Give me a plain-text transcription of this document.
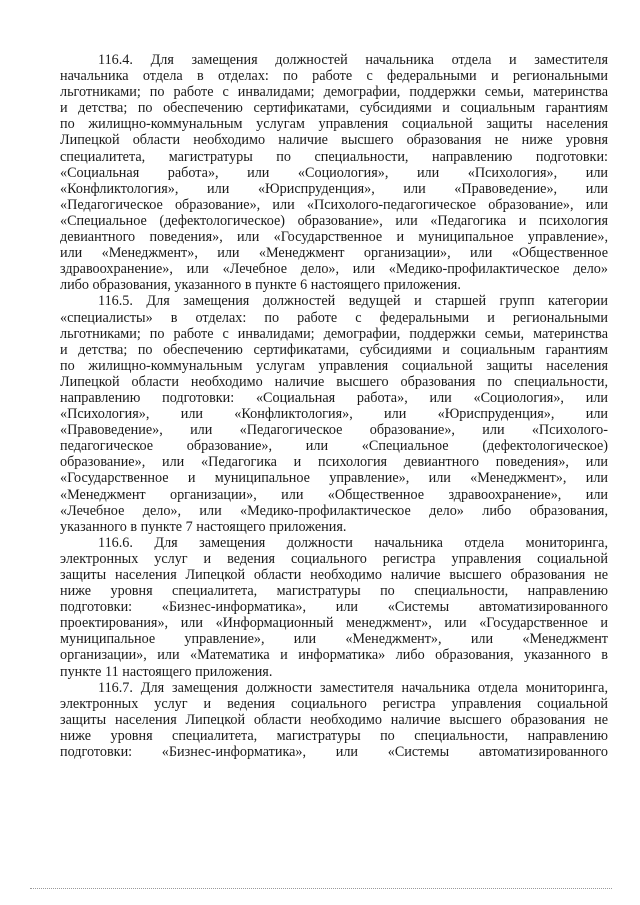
116.4. Для замещения должностей начальника отдела и заместителя
начальника отдела в отделах: по работе с федеральными и региональными
льготниками; по работе с инвалидами; демографии, поддержки семьи, материнства
и детства; по обеспечению сертификатами, субсидиями и социальным гарантиям
по жилищно-коммунальным услугам управления социальной защиты населения
Липецкой области необходимо наличие высшего образования не ниже уровня
специалитета, магистратуры по специальности, направлению подготовки:
«Социальная работа», или «Социология», или «Психология», или
«Конфликтология», или «Юриспруденция», или «Правоведение», или
«Педагогическое образование», или «Психолого-педагогическое образование», или
«Специальное (дефектологическое) образование», или «Педагогика и психология
девиантного поведения», или «Государственное и муниципальное управление»,
или «Менеджмент», или «Менеджмент организации», или «Общественное
здравоохранение», или «Лечебное дело», или «Медико-профилактическое дело»
либо образования, указанного в пункте 6 настоящего приложения.
116.5. Для замещения должностей ведущей и старшей групп категории
«специалисты» в отделах: по работе с федеральными и региональными
льготниками; по работе с инвалидами; демографии, поддержки семьи, материнства
и детства; по обеспечению сертификатами, субсидиями и социальным гарантиям
по жилищно-коммунальным услугам управления социальной защиты населения
Липецкой области необходимо наличие высшего образования по специальности,
направлению подготовки: «Социальная работа», или «Социология», или
«Психология», или «Конфликтология», или «Юриспруденция», или
«Правоведение», или «Педагогическое образование», или «Психолого-
педагогическое образование», или «Специальное (дефектологическое)
образование», или «Педагогика и психология девиантного поведения», или
«Государственное и муниципальное управление», или «Менеджмент», или
«Менеджмент организации», или «Общественное здравоохранение», или
«Лечебное дело», или «Медико-профилактическое дело» либо образования,
указанного в пункте 7 настоящего приложения.
116.6. Для замещения должности начальника отдела мониторинга,
электронных услуг и ведения социального регистра управления социальной
защиты населения Липецкой области необходимо наличие высшего образования не
ниже уровня специалитета, магистратуры по специальности, направлению
подготовки: «Бизнес-информатика», или «Системы автоматизированного
проектирования», или «Информационный менеджмент», или «Государственное и
муниципальное управление», или «Менеджмент», или «Менеджмент
организации», или «Математика и информатика» либо образования, указанного в
пункте 11 настоящего приложения.
116.7. Для замещения должности заместителя начальника отдела мониторинга,
электронных услуг и ведения социального регистра управления социальной
защиты населения Липецкой области необходимо наличие высшего образования не
ниже уровня специалитета, магистратуры по специальности, направлению
подготовки: «Бизнес-информатика», или «Системы автоматизированного
